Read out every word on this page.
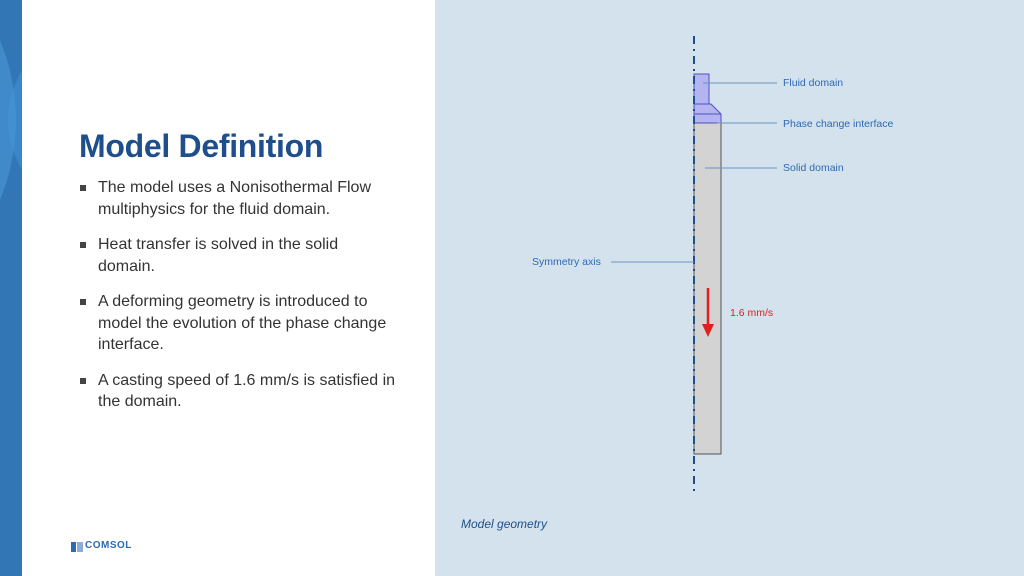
Model Definition
The model uses a Nonisothermal Flow multiphysics for the fluid domain.
Heat transfer is solved in the solid domain.
A deforming geometry is introduced to model the evolution of the phase change interface.
A casting speed of 1.6 mm/s is satisfied in the domain.
COMSOL
Fluid domain
Phase change interface
Solid domain
Symmetry axis
1.6 mm/s
Model geometry
